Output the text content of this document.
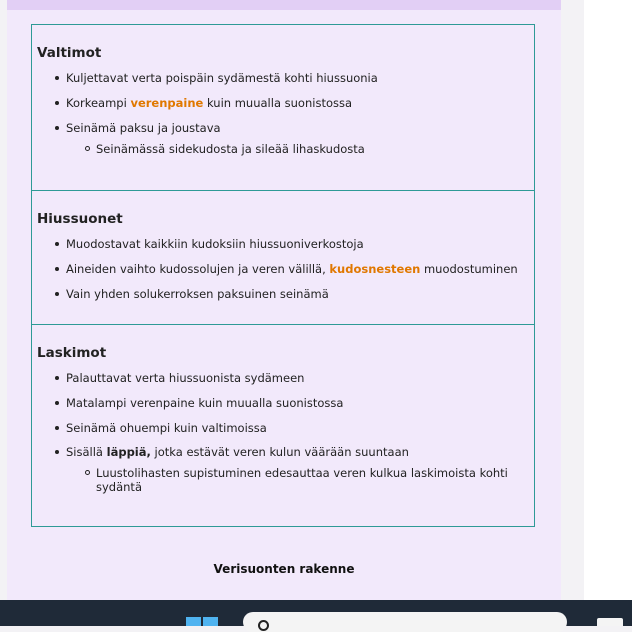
Valtimot
Kuljettavat verta poispäin sydämestä kohti hiussuonia
Korkeampi verenpaine kuin muualla suonistossa
Seinämä paksu ja joustava
Seinämässä sidekudosta ja sileää lihaskudosta
Hiussuonet
Muodostavat kaikkiin kudoksiin hiussuoniverkostoja
Aineiden vaihto kudossolujen ja veren välillä, kudosnesteen muodostuminen
Vain yhden solukerroksen paksuinen seinämä
Laskimot
Palauttavat verta hiussuonista sydämeen
Matalampi verenpaine kuin muualla suonistossa
Seinämä ohuempi kuin valtimoissa
Sisällä läppiä, jotka estävät veren kulun väärään suuntaan
Luustolihasten supistuminen edesauttaa veren kulkua laskimoista kohti sydäntä
Verisuonten rakenne
